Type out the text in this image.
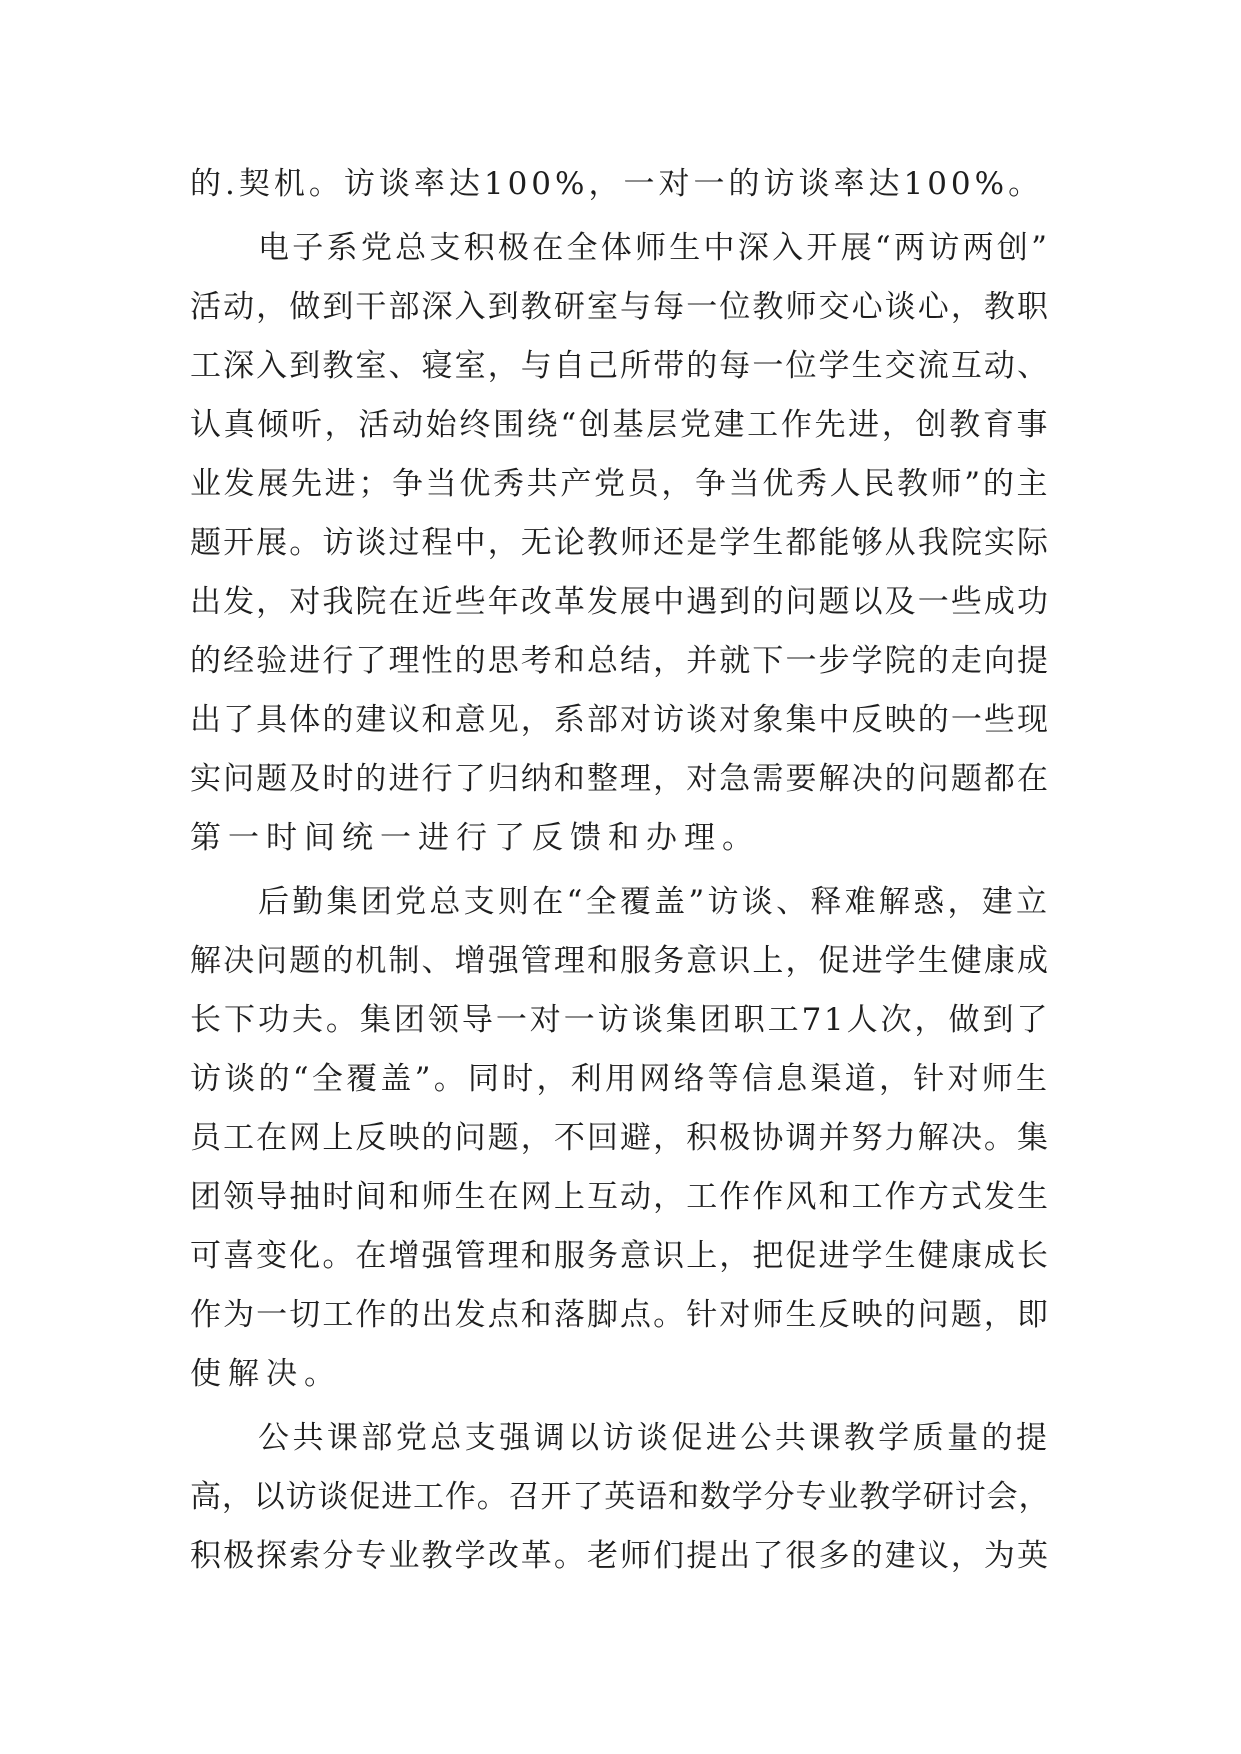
的.契机。访谈率达100%，一对一的访谈率达100%。
电子系党总支积极在全体师生中深入开展“两访两创”
活动，做到干部深入到教研室与每一位教师交心谈心，教职
工深入到教室、寝室，与自己所带的每一位学生交流互动、
认真倾听，活动始终围绕“创基层党建工作先进，创教育事
业发展先进；争当优秀共产党员，争当优秀人民教师”的主
题开展。访谈过程中，无论教师还是学生都能够从我院实际
出发，对我院在近些年改革发展中遇到的问题以及一些成功
的经验进行了理性的思考和总结，并就下一步学院的走向提
出了具体的建议和意见，系部对访谈对象集中反映的一些现
实问题及时的进行了归纳和整理，对急需要解决的问题都在
第一时间统一进行了反馈和办理。
后勤集团党总支则在“全覆盖”访谈、释难解惑，建立
解决问题的机制、增强管理和服务意识上，促进学生健康成
长下功夫。集团领导一对一访谈集团职工71人次，做到了
访谈的“全覆盖”。同时，利用网络等信息渠道，针对师生
员工在网上反映的问题，不回避，积极协调并努力解决。集
团领导抽时间和师生在网上互动，工作作风和工作方式发生
可喜变化。在增强管理和服务意识上，把促进学生健康成长
作为一切工作的出发点和落脚点。针对师生反映的问题，即
使解决。
公共课部党总支强调以访谈促进公共课教学质量的提
高，以访谈促进工作。召开了英语和数学分专业教学研讨会，
积极探索分专业教学改革。老师们提出了很多的建议，为英
